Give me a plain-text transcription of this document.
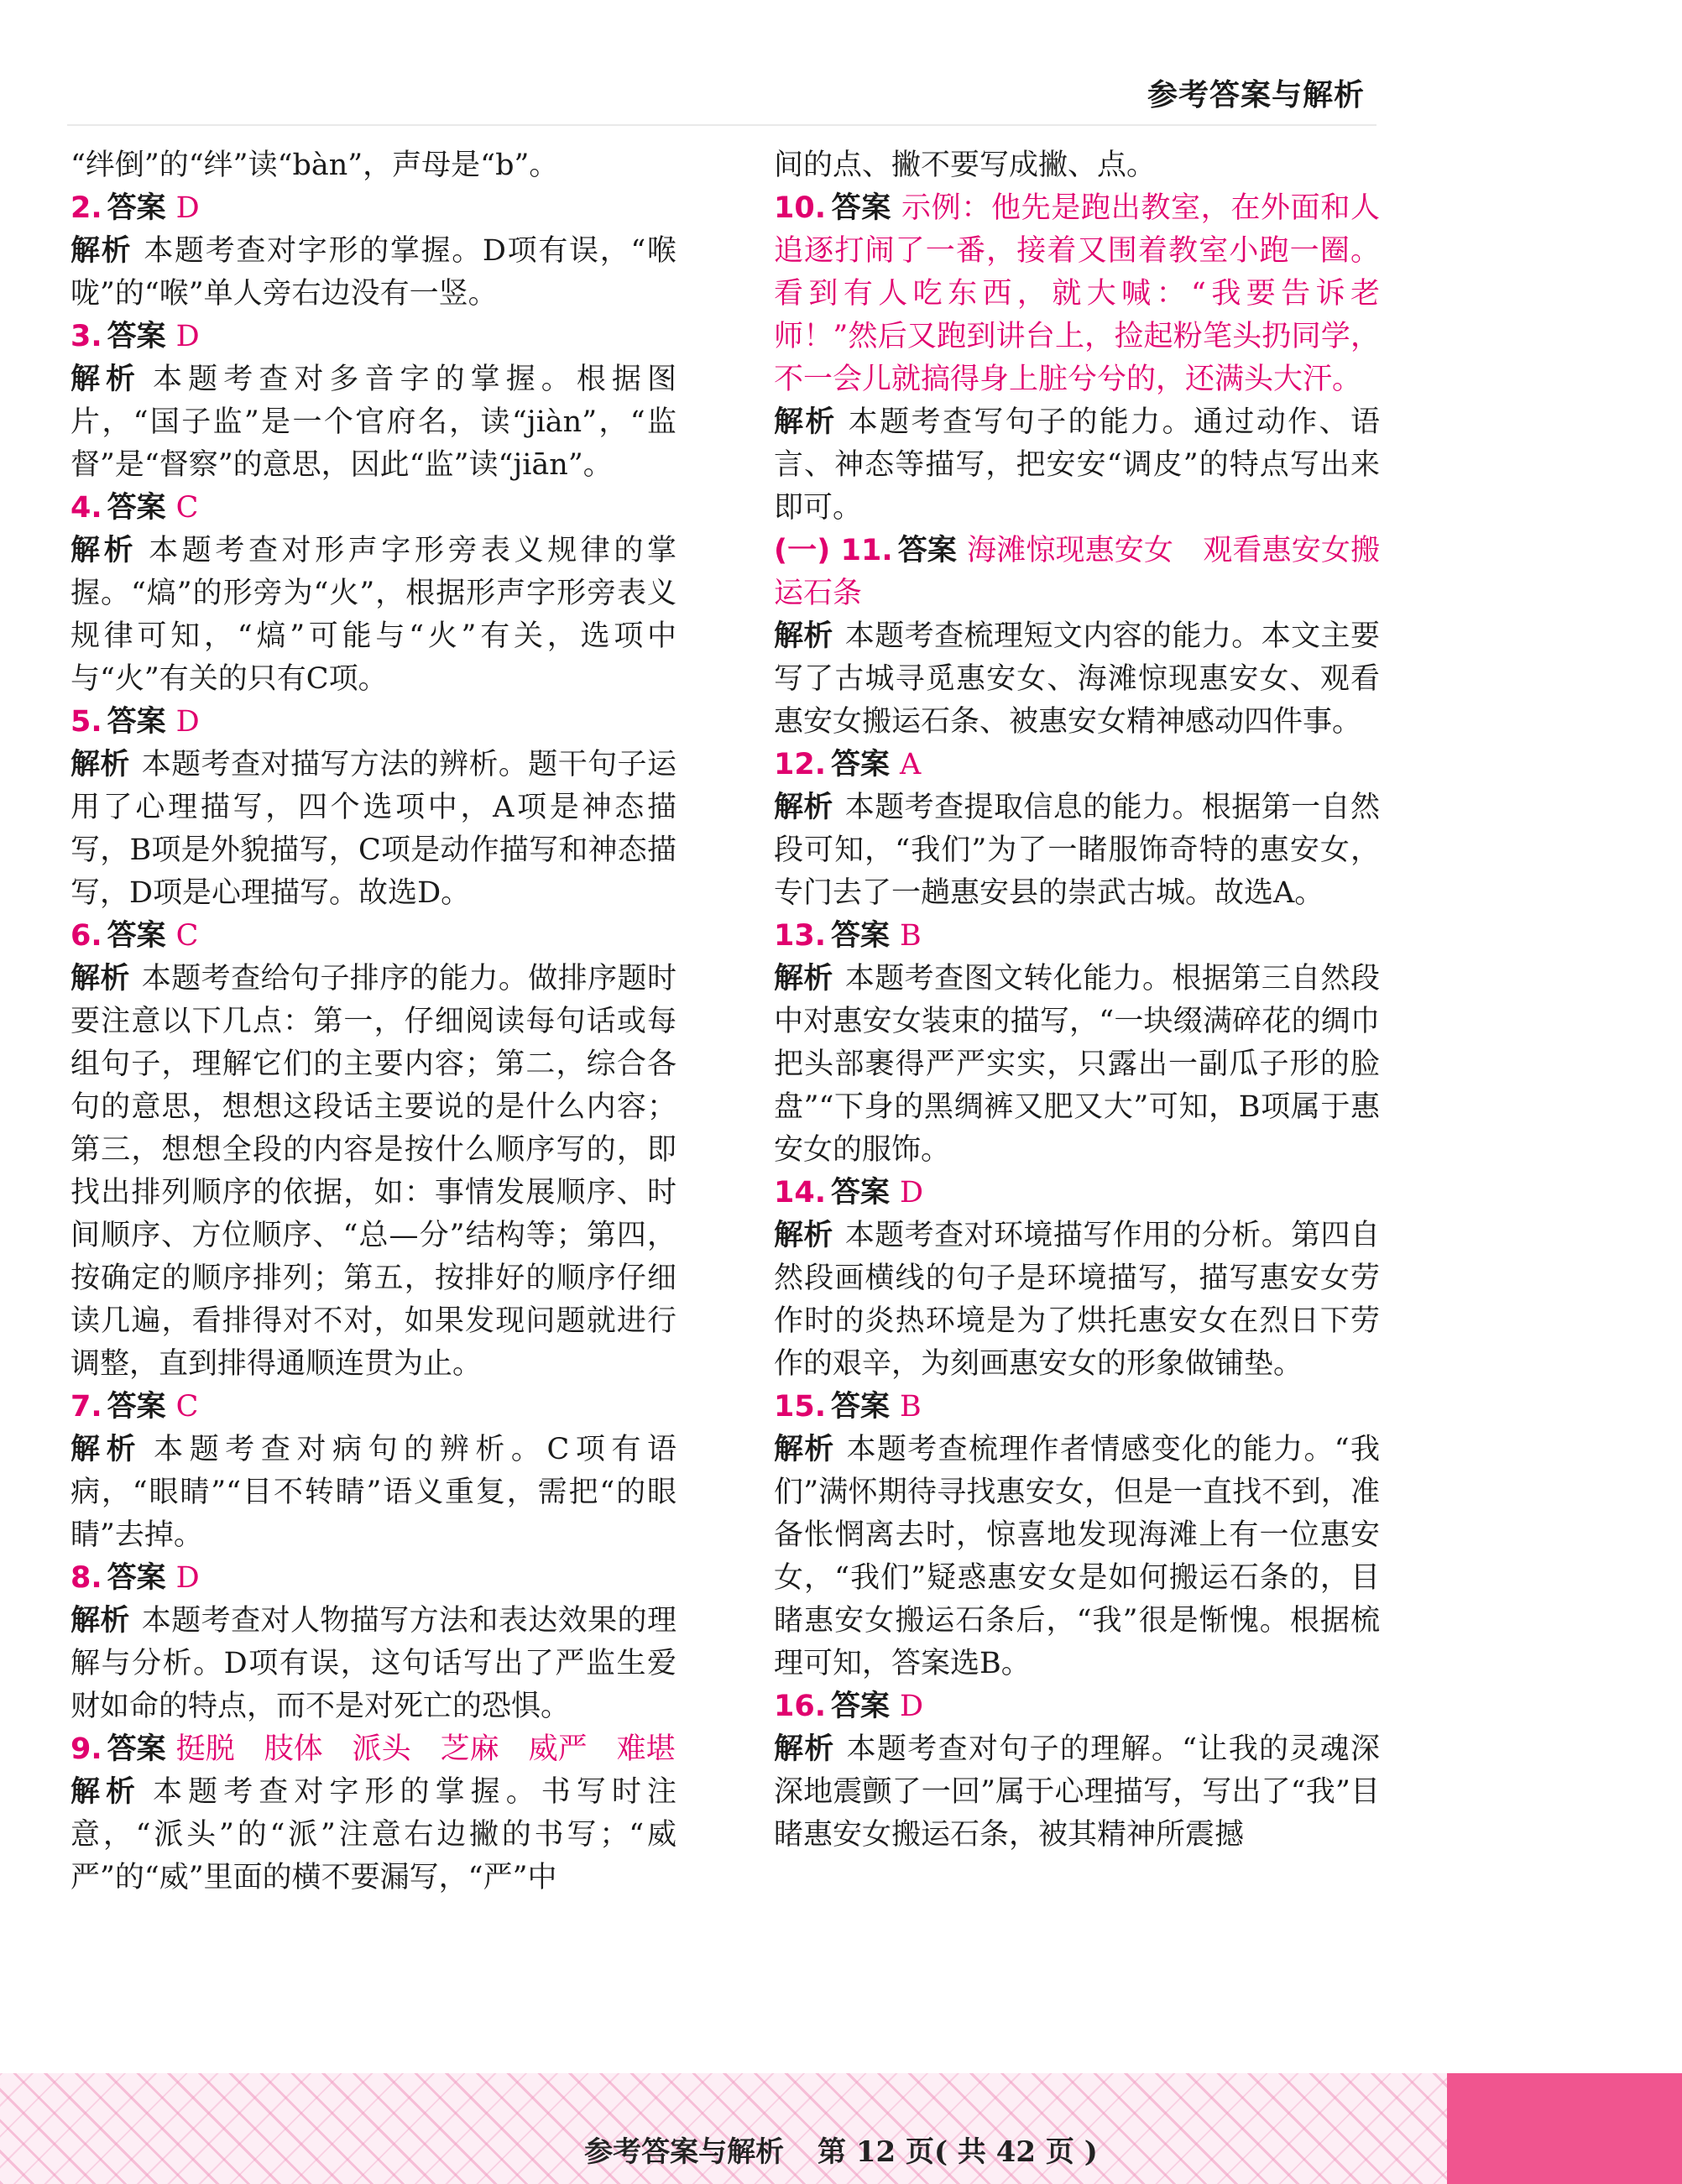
参考答案与解析

“绊倒”的“绊”读“bàn”，声母是“b”。

2. 答案 D

解析 本题考查对字形的掌握。D项有误，“喉咙”的“喉”单人旁右边没有一竖。

3. 答案 D

解析 本题考查对多音字的掌握。根据图片，“国子监”是一个官府名，读“jiàn”，“监督”是“督察”的意思，因此“监”读“jiān”。

4. 答案 C

解析 本题考查对形声字形旁表义规律的掌握。“熇”的形旁为“火”，根据形声字形旁表义规律可知，“熇”可能与“火”有关，选项中与“火”有关的只有C项。

5. 答案 D

解析 本题考查对描写方法的辨析。题干句子运用了心理描写，四个选项中，A项是神态描写，B项是外貌描写，C项是动作描写和神态描写，D项是心理描写。故选D。

6. 答案 C

解析 本题考查给句子排序的能力。做排序题时要注意以下几点：第一，仔细阅读每句话或每组句子，理解它们的主要内容；第二，综合各句的意思，想想这段话主要说的是什么内容；第三，想想全段的内容是按什么顺序写的，即找出排列顺序的依据，如：事情发展顺序、时间顺序、方位顺序、“总—分”结构等；第四，按确定的顺序排列；第五，按排好的顺序仔细读几遍，看排得对不对，如果发现问题就进行调整，直到排得通顺连贯为止。

7. 答案 C

解析 本题考查对病句的辨析。C项有语病，“眼睛”“目不转睛”语义重复，需把“的眼睛”去掉。

8. 答案 D

解析 本题考查对人物描写方法和表达效果的理解与分析。D项有误，这句话写出了严监生爱财如命的特点，而不是对死亡的恐惧。

9. 答案 挺脱　肢体　派头　芝麻　威严　难堪

解析 本题考查对字形的掌握。书写时注意，“派头”的“派”注意右边撇的书写；“威严”的“威”里面的横不要漏写，“严”中

间的点、撇不要写成撇、点。

10. 答案 示例：他先是跑出教室，在外面和人追逐打闹了一番，接着又围着教室小跑一圈。看到有人吃东西，就大喊：“我要告诉老师！”然后又跑到讲台上，捡起粉笔头扔同学，不一会儿就搞得身上脏兮兮的，还满头大汗。

解析 本题考查写句子的能力。通过动作、语言、神态等描写，把安安“调皮”的特点写出来即可。

(一) 11. 答案 海滩惊现惠安女　观看惠安女搬运石条

解析 本题考查梳理短文内容的能力。本文主要写了古城寻觅惠安女、海滩惊现惠安女、观看惠安女搬运石条、被惠安女精神感动四件事。

12. 答案 A

解析 本题考查提取信息的能力。根据第一自然段可知，“我们”为了一睹服饰奇特的惠安女，专门去了一趟惠安县的崇武古城。故选A。

13. 答案 B

解析 本题考查图文转化能力。根据第三自然段中对惠安女装束的描写，“一块缀满碎花的绸巾把头部裹得严严实实，只露出一副瓜子形的脸盘”“下身的黑绸裤又肥又大”可知，B项属于惠安女的服饰。

14. 答案 D

解析 本题考查对环境描写作用的分析。第四自然段画横线的句子是环境描写，描写惠安女劳作时的炎热环境是为了烘托惠安女在烈日下劳作的艰辛，为刻画惠安女的形象做铺垫。

15. 答案 B

解析 本题考查梳理作者情感变化的能力。“我们”满怀期待寻找惠安女，但是一直找不到，准备怅惘离去时，惊喜地发现海滩上有一位惠安女，“我们”疑惑惠安女是如何搬运石条的，目睹惠安女搬运石条后，“我”很是惭愧。根据梳理可知，答案选B。

16. 答案 D

解析 本题考查对句子的理解。“让我的灵魂深深地震颤了一回”属于心理描写，写出了“我”目睹惠安女搬运石条，被其精神所震撼

参考答案与解析 第 12 页( 共 42 页 )
